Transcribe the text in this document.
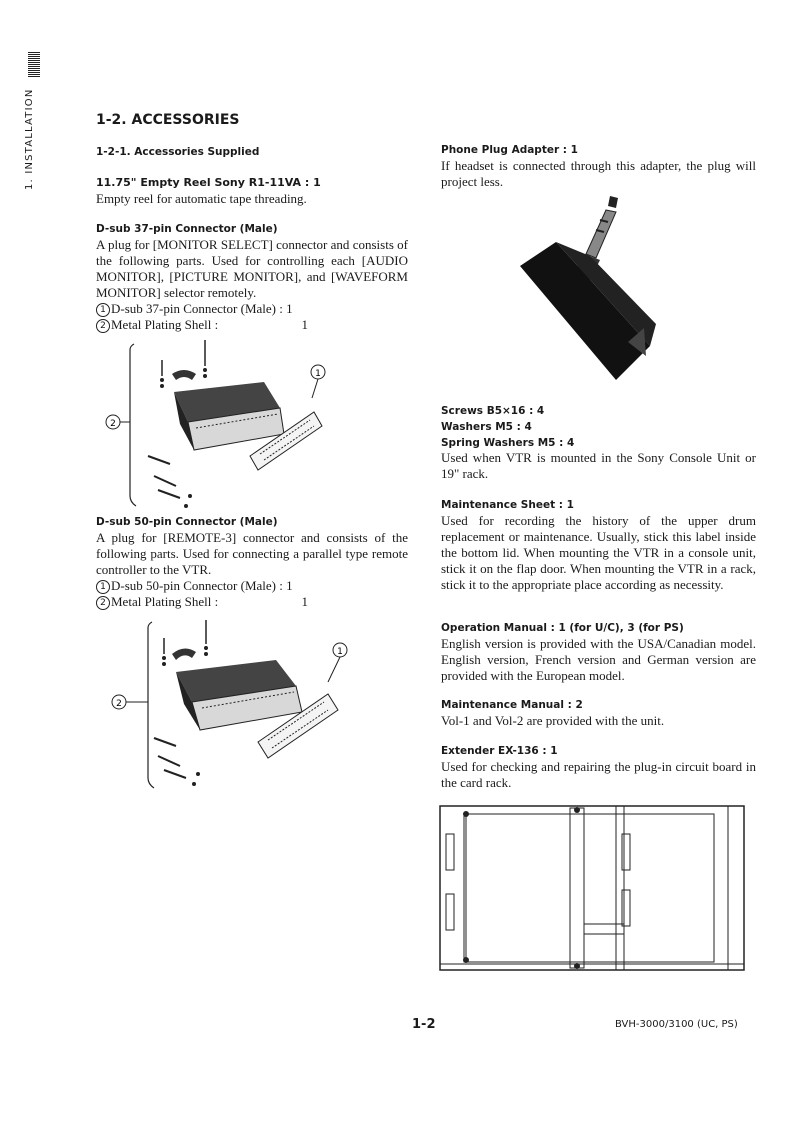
1. INSTALLATION	1-2. ACCESSORIES

1-2-1. Accessories Supplied

11.75" Empty Reel Sony R1-11VA : 1

Empty reel for automatic tape threading.

D-sub 37-pin Connector (Male)

A plug for [MONITOR SELECT] connector and consists of the following parts. Used for controlling each [AUDIO MONITOR], [PICTURE MONITOR], and [WAVEFORM MONITOR] selector remotely.

1 D-sub 37-pin Connector (Male) : 1

2 Metal Plating Shell :	1

2
1

D-sub 50-pin Connector (Male)

A plug for [REMOTE-3] connector and consists of the following parts. Used for connecting a parallel type remote controller to the VTR.

1 D-sub 50-pin Connector (Male) : 1

2 Metal Plating Shell :	1

2
1

Phone Plug Adapter : 1

If headset is connected through this adapter, the plug will project less.

Screws B5×16 : 4

Washers M5 : 4

Spring Washers M5 : 4

Used when VTR is mounted in the Sony Console Unit or 19" rack.

Maintenance Sheet : 1

Used for recording the history of the upper drum replacement or maintenance. Usually, stick this label inside the bottom lid. When mounting the VTR in a console unit, stick it on the flap door. When mounting the VTR in a rack, stick it to the appropriate place according as necessity.

Operation Manual : 1 (for U/C), 3 (for PS)

English version is provided with the USA/Canadian model. English version, French version and German version are provided with the European model.

Maintenance Manual : 2

Vol-1 and Vol-2 are provided with the unit.

Extender EX-136 : 1

Used for checking and repairing the plug-in circuit board in the card rack.

1-2	BVH-3000/3100 (UC, PS)
